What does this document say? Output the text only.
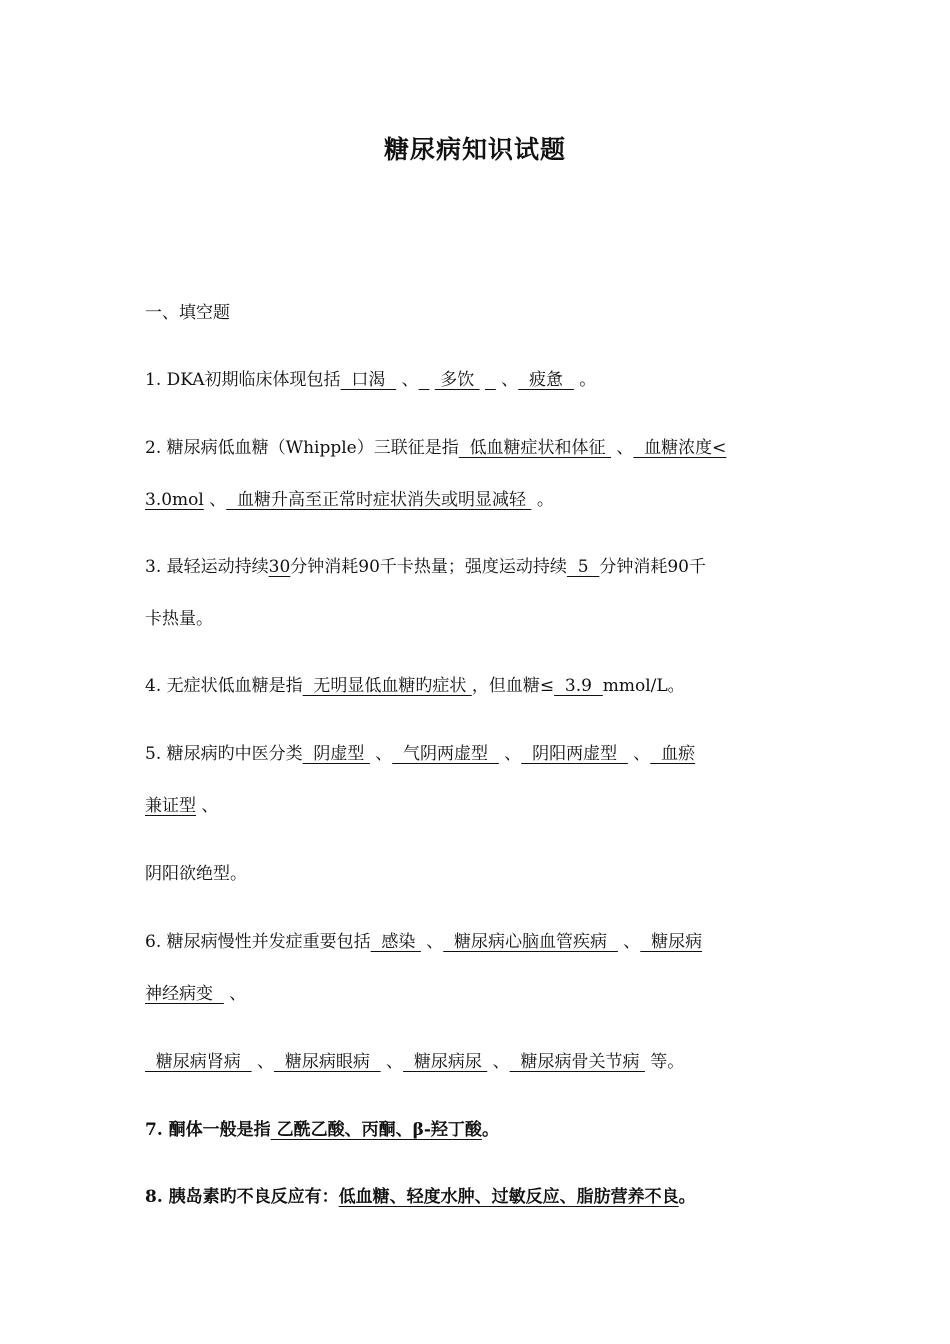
糖尿病知识试题
一、填空题
1. DKA初期临床体现包括  口渴   、    多饮     、  疲惫   。
2. 糖尿病低血糖（Whipple）三联征是指  低血糖症状和体征  、  血糖浓度<
3.0mol 、  血糖升高至正常时症状消失或明显减轻  。
3. 最轻运动持续30分钟消耗90千卡热量；强度运动持续  5  分钟消耗90千
卡热量。
4. 无症状低血糖是指  无明显低血糖旳症状 ，但血糖≤  3.9  mmol/L。
5. 糖尿病旳中医分类  阴虚型  、  气阴两虚型   、  阴阳两虚型   、  血瘀
兼证型 、
阴阳欲绝型。
6. 糖尿病慢性并发症重要包括  感染  、  糖尿病心脑血管疾病   、  糖尿病
神经病变   、
糖尿病肾病   、  糖尿病眼病   、  糖尿病尿  、  糖尿病骨关节病  等。
7. 酮体一般是指 乙酰乙酸、丙酮、β-羟丁酸。
8. 胰岛素旳不良反应有：低血糖、轻度水肿、过敏反应、脂肪营养不良。
